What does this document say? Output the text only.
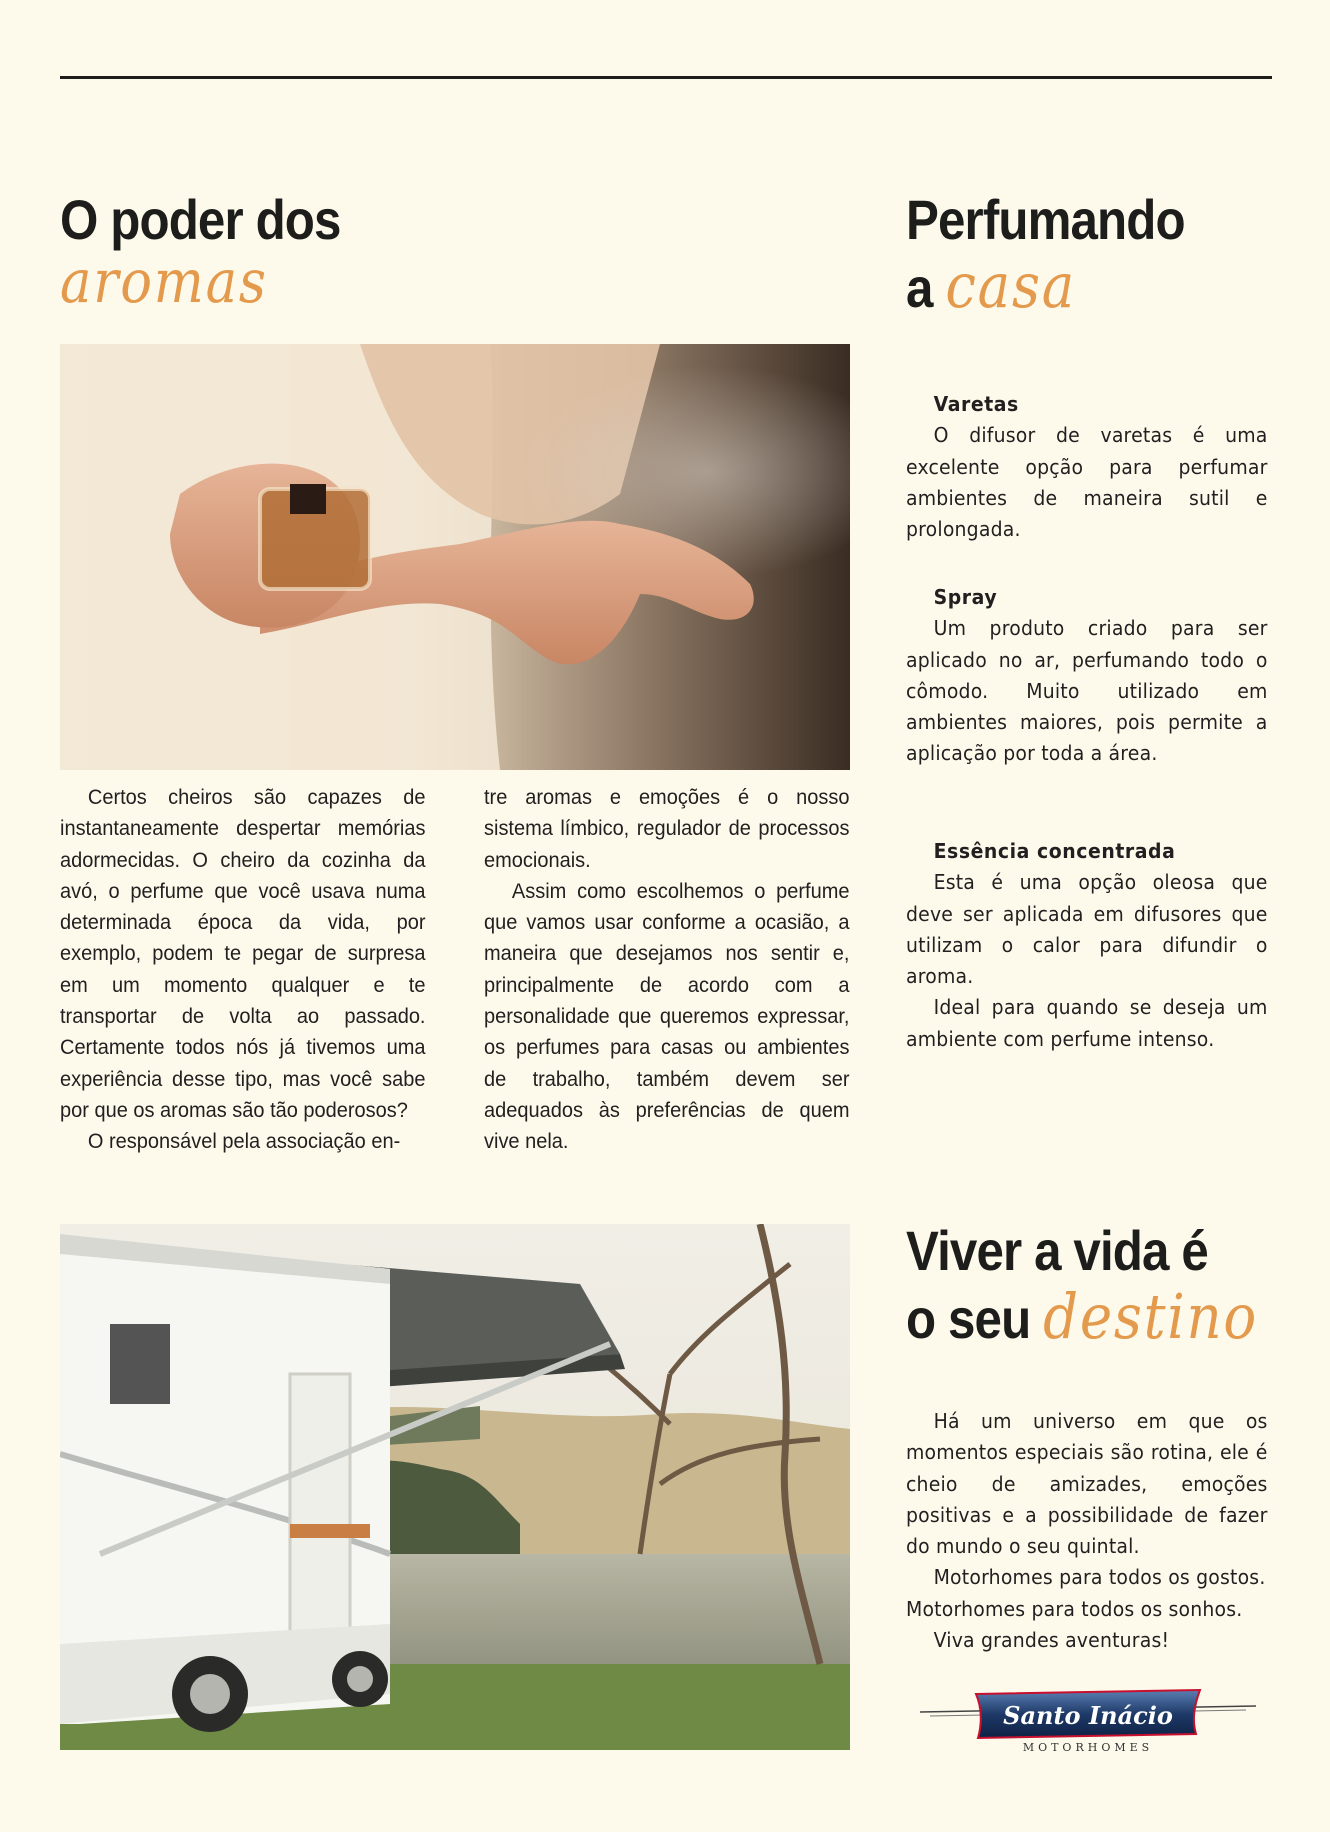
O poder dos
aromas

Certos cheiros são capazes de instantaneamente despertar memórias adormecidas. O cheiro da cozinha da avó, o perfume que você usava numa determinada época da vida, por exemplo, podem te pegar de surpresa em um momento qualquer e te transportar de volta ao passado. Certamente todos nós já tivemos uma experiência desse tipo, mas você sabe por que os aromas são tão poderosos?

O responsável pela associação en-

tre aromas e emoções é o nosso sistema límbico, regulador de processos emocionais.

Assim como escolhemos o perfume que vamos usar conforme a ocasião, a maneira que desejamos nos sentir e, principalmente de acordo com a personalidade que queremos expressar, os perfumes para casas ou ambientes de trabalho, também devem ser adequados às preferências de quem vive nela.

Perfumando
a casa
Varetas

O difusor de varetas é uma excelente opção para perfumar ambientes de maneira sutil e prolongada.

Spray

Um produto criado para ser aplicado no ar, perfumando todo o cômodo. Muito utilizado em ambientes maiores, pois permite a aplicação por toda a área.

Essência concentrada

Esta é uma opção oleosa que deve ser aplicada em difusores que utilizam o calor para difundir o aroma.

Ideal para quando se deseja um ambiente com perfume intenso.

Viver a vida é
o seu destino

Há um universo em que os momentos especiais são rotina, ele é cheio de amizades, emoções positivas e a possibilidade de fazer do mundo o seu quintal.

Motorhomes para todos os gostos.

Motorhomes para todos os sonhos.

Viva grandes aventuras!

Santo Inácio
MOTORHOMES
